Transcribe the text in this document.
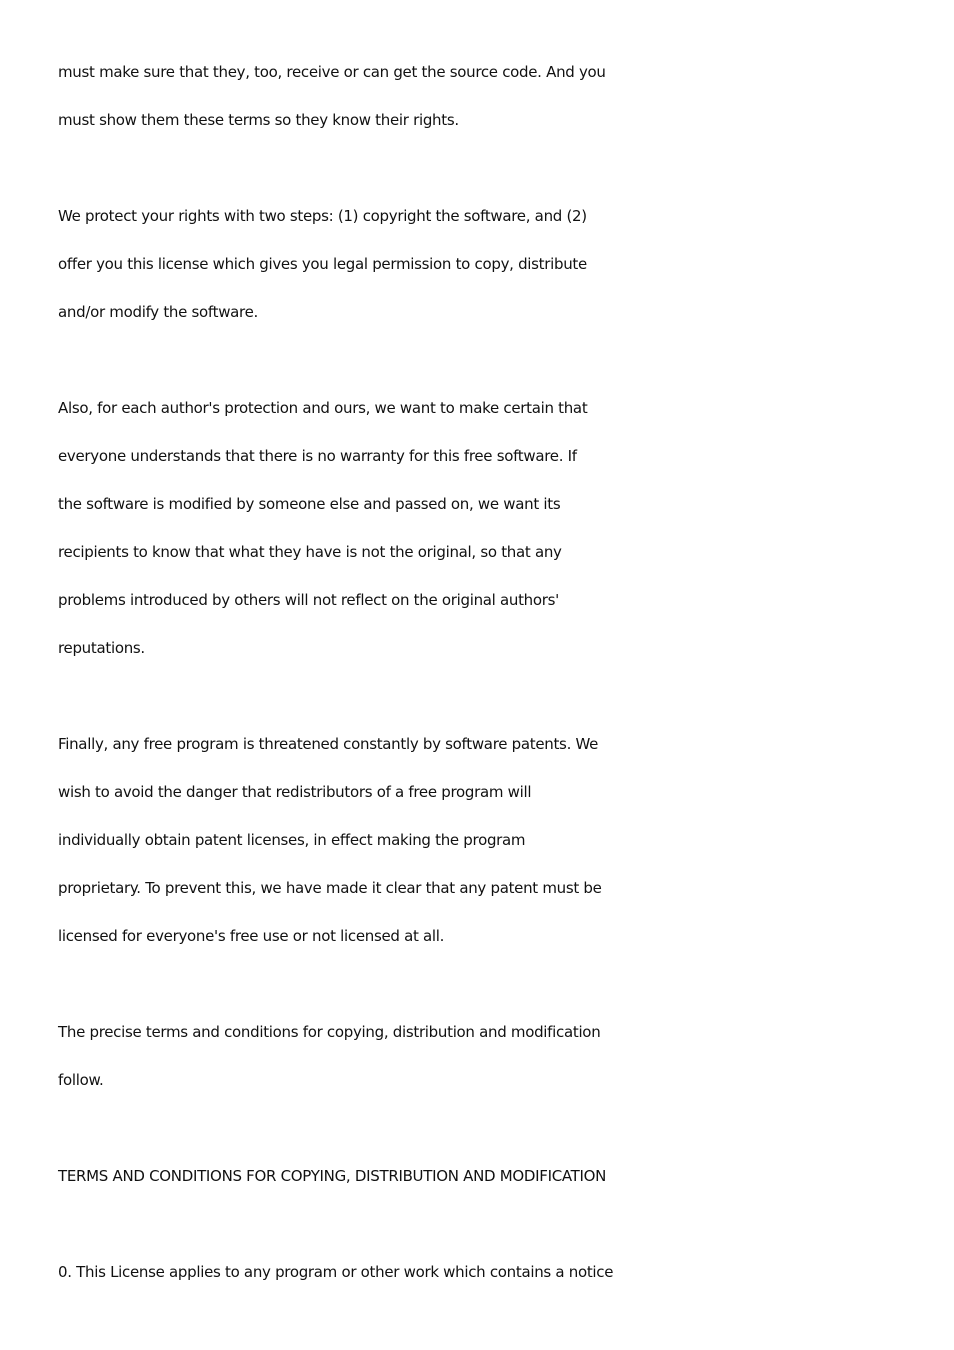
must make sure that they, too, receive or can get the source code. And you
must show them these terms so they know their rights.
We protect your rights with two steps: (1) copyright the software, and (2)
offer you this license which gives you legal permission to copy, distribute
and/or modify the software.
Also, for each author's protection and ours, we want to make certain that
everyone understands that there is no warranty for this free software. If
the software is modified by someone else and passed on, we want its
recipients to know that what they have is not the original, so that any
problems introduced by others will not reflect on the original authors'
reputations.
Finally, any free program is threatened constantly by software patents. We
wish to avoid the danger that redistributors of a free program will
individually obtain patent licenses, in effect making the program
proprietary. To prevent this, we have made it clear that any patent must be
licensed for everyone's free use or not licensed at all.
The precise terms and conditions for copying, distribution and modification
follow.
TERMS AND CONDITIONS FOR COPYING, DISTRIBUTION AND MODIFICATION
0. This License applies to any program or other work which contains a notice
